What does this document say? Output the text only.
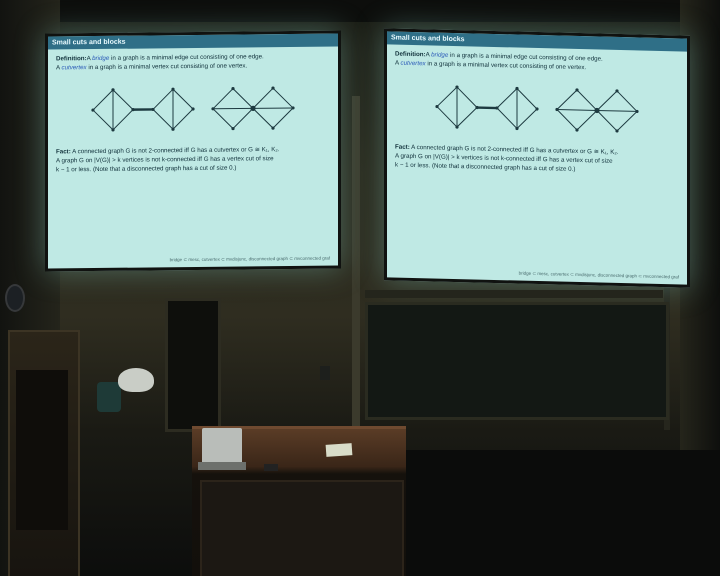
Small cuts and blocks
Definition:A bridge in a graph is a minimal edge cut consisting of one edge.
A cutvertex in a graph is a minimal vertex cut consisting of one vertex.
Fact: A connected graph G is not 2-connected iff G has a cutvertex or G ≅ K₁, K₂.
A graph G on |V(G)| > k vertices is not k-connected iff G has a vertex cut of size
k − 1 or less. (Note that a disconnected graph has a cut of size 0.)
bridge ⊂ mesc, cutvertex ⊂ mvdisjunc, disconnected graph ⊂ mvconnected graf
Small cuts and blocks
Definition:A bridge in a graph is a minimal edge cut consisting of one edge.
A cutvertex in a graph is a minimal vertex cut consisting of one vertex.
Fact: A connected graph G is not 2-connected iff G has a cutvertex or G ≅ K₁, K₂.
A graph G on |V(G)| > k vertices is not k-connected iff G has a vertex cut of size
k − 1 or less. (Note that a disconnected graph has a cut of size 0.)
bridge ⊂ mesc, cutvertex ⊂ mvdisjunc, disconnected graph ⊂ mvconnected graf
